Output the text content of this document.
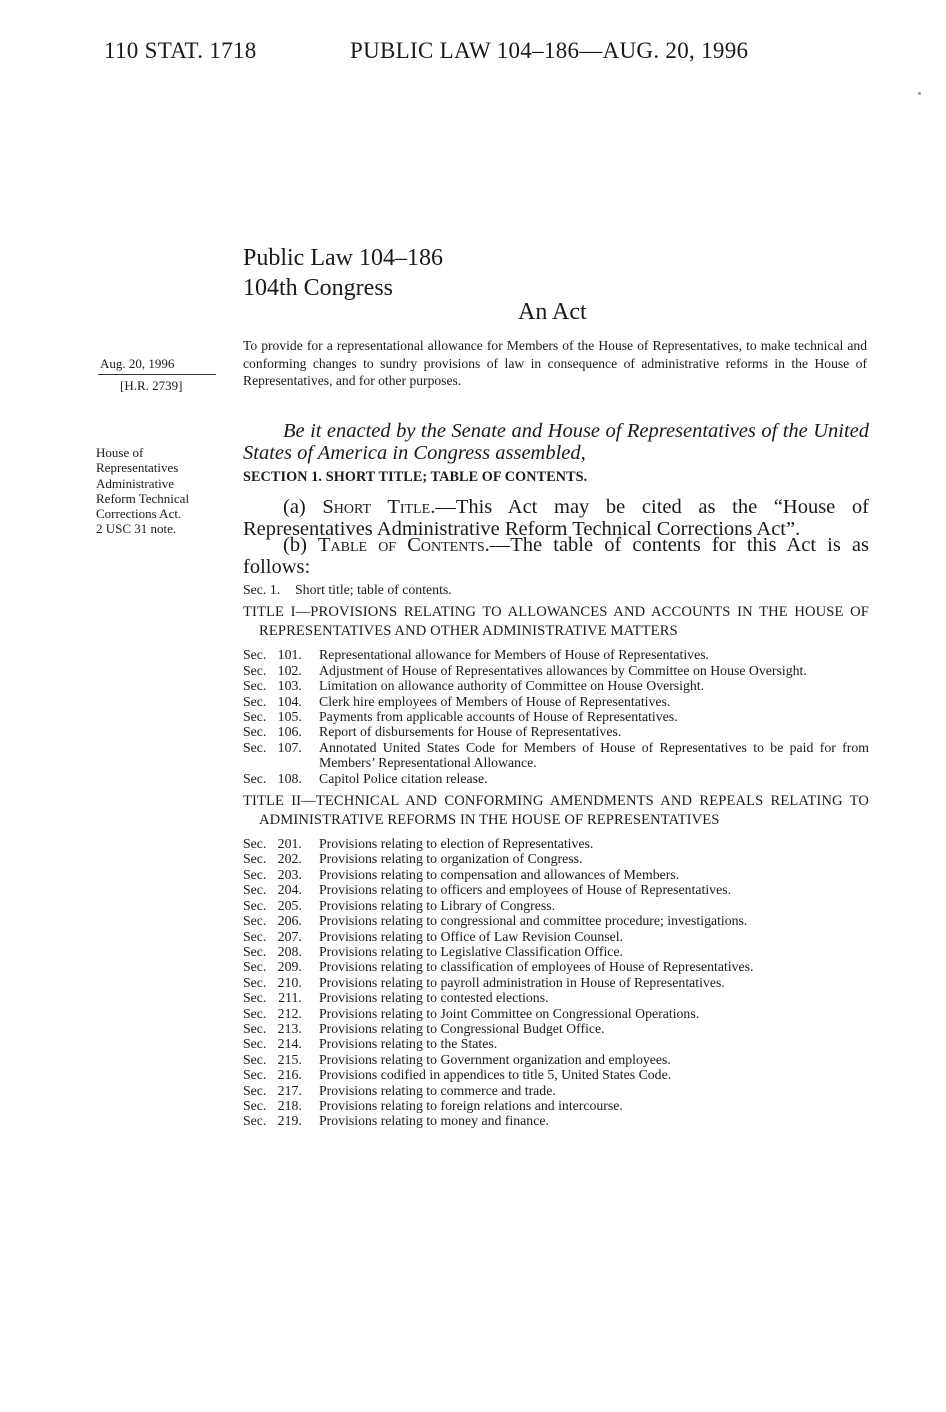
110 STAT. 1718	PUBLIC LAW 104–186—AUG. 20, 1996
Public Law 104–186
104th Congress
An Act
To provide for a representational allowance for Members of the House of Representatives, to make technical and conforming changes to sundry provisions of law in consequence of administrative reforms in the House of Representatives, and for other purposes.
Aug. 20, 1996
[H.R. 2739]
House of
Representatives
Administrative
Reform Technical
Corrections Act.
2 USC 31 note.
Be it enacted by the Senate and House of Representatives of the United States of America in Congress assembled,
SECTION 1. SHORT TITLE; TABLE OF CONTENTS.
(a) Short Title.—This Act may be cited as the “House of Representatives Administrative Reform Technical Corrections Act”.
(b) Table of Contents.—The table of contents for this Act is as follows:
Sec. 1.	Short title; table of contents.
TITLE I—PROVISIONS RELATING TO ALLOWANCES AND ACCOUNTS IN THE HOUSE OF REPRESENTATIVES AND OTHER ADMINISTRATIVE MATTERS
Sec. 101.	Representational allowance for Members of House of Representatives.
Sec. 102.	Adjustment of House of Representatives allowances by Committee on House Oversight.
Sec. 103.	Limitation on allowance authority of Committee on House Oversight.
Sec. 104.	Clerk hire employees of Members of House of Representatives.
Sec. 105.	Payments from applicable accounts of House of Representatives.
Sec. 106.	Report of disbursements for House of Representatives.
Sec. 107.	Annotated United States Code for Members of House of Representatives to be paid for from Members’ Representational Allowance.
Sec. 108.	Capitol Police citation release.
TITLE II—TECHNICAL AND CONFORMING AMENDMENTS AND REPEALS RELATING TO ADMINISTRATIVE REFORMS IN THE HOUSE OF REPRESENTATIVES
Sec. 201.	Provisions relating to election of Representatives.
Sec. 202.	Provisions relating to organization of Congress.
Sec. 203.	Provisions relating to compensation and allowances of Members.
Sec. 204.	Provisions relating to officers and employees of House of Representatives.
Sec. 205.	Provisions relating to Library of Congress.
Sec. 206.	Provisions relating to congressional and committee procedure; investigations.
Sec. 207.	Provisions relating to Office of Law Revision Counsel.
Sec. 208.	Provisions relating to Legislative Classification Office.
Sec. 209.	Provisions relating to classification of employees of House of Representatives.
Sec. 210.	Provisions relating to payroll administration in House of Representatives.
Sec. 211.	Provisions relating to contested elections.
Sec. 212.	Provisions relating to Joint Committee on Congressional Operations.
Sec. 213.	Provisions relating to Congressional Budget Office.
Sec. 214.	Provisions relating to the States.
Sec. 215.	Provisions relating to Government organization and employees.
Sec. 216.	Provisions codified in appendices to title 5, United States Code.
Sec. 217.	Provisions relating to commerce and trade.
Sec. 218.	Provisions relating to foreign relations and intercourse.
Sec. 219.	Provisions relating to money and finance.
